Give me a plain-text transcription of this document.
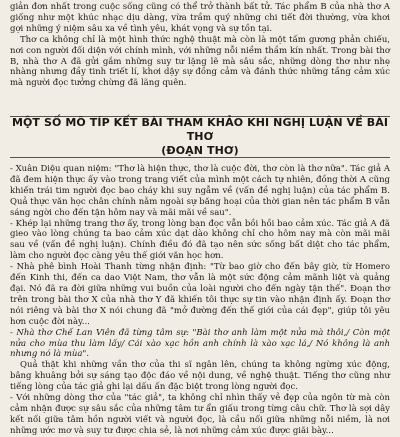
giản đơn nhất trong cuộc sống cũng có thể trở thành bất tử. Tác phẩm B của nhà thơ A giống như một khúc nhạc dịu dàng, vừa trầm quý những chi tiết đời thường, vừa khơi gợi những ý niệm sâu xa về tình yêu, khát vọng và sự tồn tại.

Thơ ca không chỉ là một hình thức nghệ thuật mà còn là một tấm gương phản chiếu, nơi con người đối diện với chính mình, với những nỗi niềm thầm kín nhất. Trong bài thơ B, nhà thơ A đã gửi gắm những suy tư lặng lẽ mà sâu sắc, những dòng thơ như nhẹ nhàng nhưng đầy tinh triết lí, khơi dậy sự đồng cảm và đánh thức những tầng cảm xúc mà người đọc tưởng chừng đã lãng quên.

MỘT SỐ MÔ TÍP KẾT BÀI THAM KHẢO KHI NGHỊ LUẬN VỀ BÀI THƠ
(ĐOẠN THƠ)

- Xuân Diệu quan niệm: "Thơ là hiện thực, thơ là cuộc đời, thơ còn là thơ nữa". Tác giả A đã đem hiện thực ấy vào trong trang viết của mình một cách tự nhiên, đồng thời A cũng khiến trái tim người đọc bao cháy khi suy ngẫm về (vấn đề nghị luận) của tác phẩm B. Quả thực văn học chân chính nằm ngoài sự băng hoại của thời gian nên tác phẩm B vẫn sáng ngời cho đến tận hôm nay và mãi mãi về sau".

- Khép lại những trang thơ ấy, trong lòng bạn đọc vẫn bồi hồi bao cảm xúc. Tác giả A đã gieo vào lòng chúng ta bao cảm xúc dạt dào không chỉ cho hôm nay mà còn mãi mãi sau về (vấn đề nghị luận). Chính điều đó đã tạo nên sức sống bất diệt cho tác phẩm, làm cho người đọc càng yêu thế giới văn học hơn.

- Nhà phê bình Hoài Thanh từng nhận định: "Từ bao giờ cho đến bây giờ, từ Homero đến Kinh thi, đến ca dao Việt Nam, thơ vẫn là một sức động cảm mãnh liệt và quảng đại. Nó đã ra đời giữa những vui buồn của loài người cho đến ngày tận thế". Đoạn thơ trên trong bài thơ X của nhà thơ Y đã khiến tôi thực sự tin vào nhận định ấy. Đoạn thơ nói riêng và bài thơ X nói chung đã "mở đường đến thế giới của cái đẹp", giúp tôi yêu hơn cuộc đời này...

- Nhà thơ Chế Lan Viên đã từng tâm sự: "Bài thơ anh làm một nửa mà thôi,/ Còn một nửa cho mùa thu làm lấy/ Cái xào xạc hồn anh chính là xào xạc lá,/ Nó không là anh nhưng nó là mùa".

Quả thật khi những vần thơ của thi sĩ ngân lên, chúng ta không ngừng xúc động, bâng khuâng bởi sự sáng tạo độc đáo về nội dung, về nghệ thuật. Tiếng thơ cũng như tiếng lòng của tác giả ghi lại dấu ấn đặc biệt trong lòng người đọc.

- Với những dòng thơ của "tác giả", ta không chỉ nhìn thấy vẻ đẹp của ngôn từ mà còn cảm nhận được sự sâu sắc của những tâm tư ẩn giấu trong từng câu chữ. Thơ là sợi dây kết nối giữa tâm hồn người viết và người đọc, là cầu nối giữa những nỗi niềm, là nơi những ước mơ và suy tư được chia sẻ, là nơi những cảm xúc được giãi bày...
